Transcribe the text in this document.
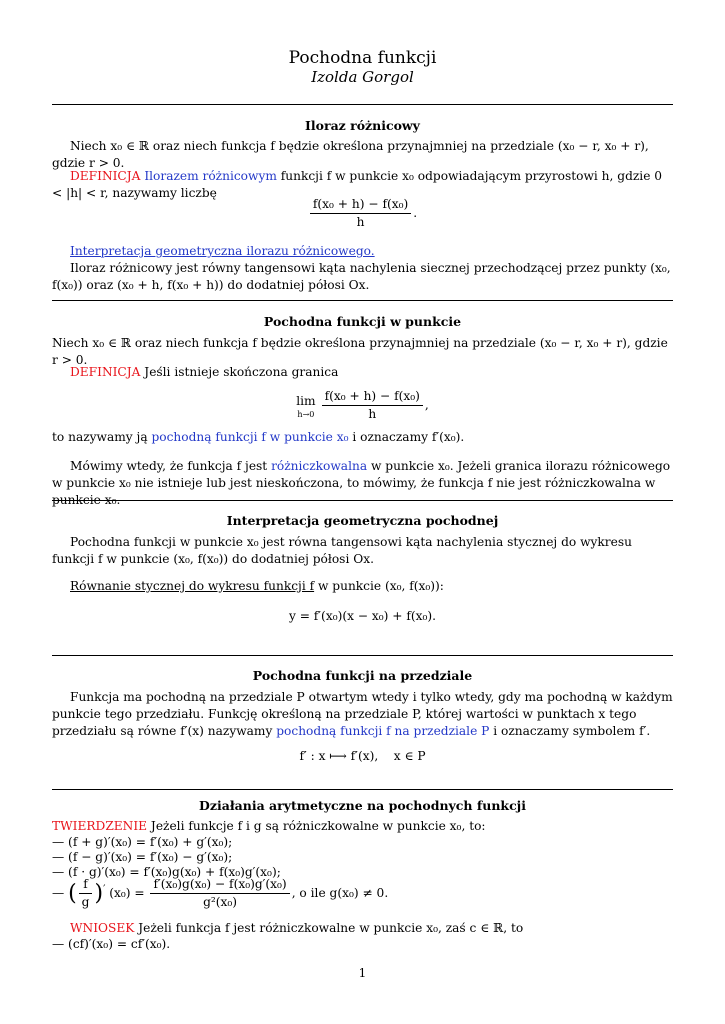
Pochodna funkcji
Izolda Gorgol
Iloraz różnicowy
Niech x₀ ∈ ℝ oraz niech funkcja f będzie określona przynajmniej na przedziale (x₀ − r, x₀ + r), gdzie r > 0.
DEFINICJA Ilorazem różnicowym funkcji f w punkcie x₀ odpowiadającym przyrostowi h, gdzie 0 < |h| < r, nazywamy liczbę
$\frac{\text{f(x₀ + h) − f(x₀)}}{h}$ .
Interpretacja geometryczna ilorazu różnicowego.
Iloraz różnicowy jest równy tangensowi kąta nachylenia siecznej przechodzącej przez punkty (x₀, f(x₀)) oraz (x₀ + h, f(x₀ + h)) do dodatniej półosi Ox.
Pochodna funkcji w punkcie
Niech x₀ ∈ ℝ oraz niech funkcja f będzie określona przynajmniej na przedziale (x₀ − r, x₀ + r), gdzie r > 0.
DEFINICJA Jeśli istnieje skończona granica
lim
$h\to 0 \frac{\text{f(x₀ + h) − f(x₀)}}{h}$ ,
to nazywamy ją pochodną funkcji f w punkcie x₀ i oznaczamy f′(x₀).
Mówimy wtedy, że funkcja f jest różniczkowalna w punkcie x₀. Jeżeli granica ilorazu różnicowego w punkcie x₀ nie istnieje lub jest nieskończona, to mówimy, że funkcja f nie jest różniczkowalna w punkcie x₀.
Interpretacja geometryczna pochodnej
Pochodna funkcji w punkcie x₀ jest równa tangensowi kąta nachylenia stycznej do wykresu funkcji f w punkcie (x₀, f(x₀)) do dodatniej półosi Ox.
Równanie stycznej do wykresu funkcji f w punkcie (x₀, f(x₀)):
y = f′(x₀)(x − x₀) + f(x₀).
Pochodna funkcji na przedziale
Funkcja ma pochodną na przedziale P otwartym wtedy i tylko wtedy, gdy ma pochodną w każdym punkcie tego przedziału. Funkcję określoną na przedziale P, której wartości w punktach x tego przedziału są równe f′(x) nazywamy pochodną funkcji f na przedziale P i oznaczamy symbolem f′.
f′ : x ⟼ f′(x),    x ∈ P
Działania arytmetyczne na pochodnych funkcji
TWIERDZENIE Jeżeli funkcje f i g są różniczkowalne w punkcie x₀, to:
— (f + g)′(x₀) = f′(x₀) + g′(x₀);
— (f − g)′(x₀) = f′(x₀) − g′(x₀);
— (f · g)′(x₀) = f′(x₀)g(x₀) + f(x₀)g′(x₀);
— ( $\frac{f}{g} )'$ $(x_0) = \frac{\text{f′(x₀)g(x₀) − f(x₀)g′(x₀)}}{\text{g²(x₀)}}$ , o ile g(x₀) ≠ 0.
WNIOSEK Jeżeli funkcja f jest różniczkowalne w punkcie x₀, zaś c ∈ ℝ, to
— (cf)′(x₀) = cf′(x₀).
1
